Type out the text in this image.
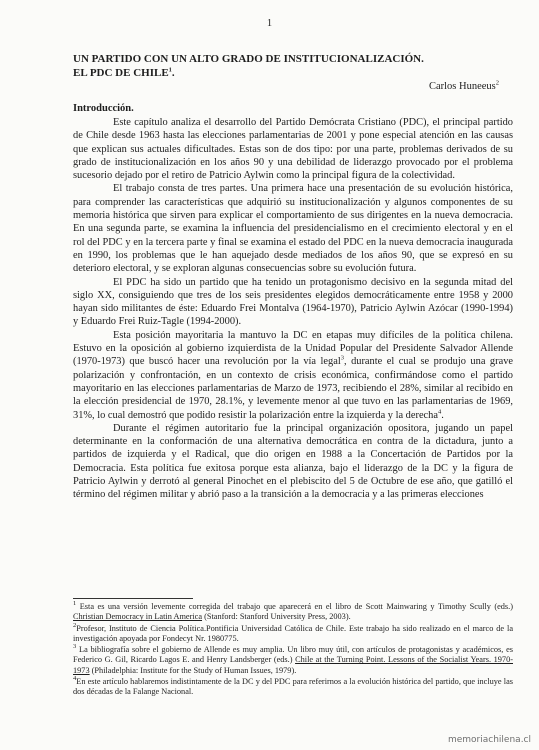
1
UN PARTIDO CON UN ALTO GRADO DE INSTITUCIONALIZACIÓN.
EL PDC DE CHILE$^1$.
Carlos Huneeus$^2$
Introducción.

Este capítulo analiza el desarrollo del Partido Demócrata Cristiano (PDC), el principal partido de Chile desde 1963 hasta las elecciones parlamentarias de 2001 y pone especial atención en las causas que explican sus actuales dificultades. Estas son de dos tipo: por una parte, problemas derivados de su grado de institucionalización en los años 90 y una debilidad de liderazgo provocado por el problema sucesorio dejado por el retiro de Patricio Aylwin como la principal figura de la colectividad.

El trabajo consta de tres partes. Una primera hace una presentación de su evolución histórica, para comprender las características que adquirió su institucionalización y algunos componentes de su memoria histórica que sirven para explicar el comportamiento de sus dirigentes en la nueva democracia. En una segunda parte, se examina la influencia del presidencialismo en el crecimiento electoral y en el rol del PDC y en la tercera parte y final se examina el estado del PDC en la nueva democracia inaugurada en 1990, los problemas que le han aquejado desde mediados de los años 90, que se expresó en su deterioro electoral, y se exploran algunas consecuencias sobre su evolución futura.

El PDC ha sido un partido que ha tenido un protagonismo decisivo en la segunda mitad del siglo XX, consiguiendo que tres de los seis presidentes elegidos democráticamente entre 1958 y 2000 hayan sido militantes de éste: Eduardo Frei Montalva (1964-1970), Patricio Aylwin Azócar (1990-1994) y Eduardo Frei Ruiz-Tagle (1994-2000).

Esta posición mayoritaria la mantuvo la DC en etapas muy difíciles de la política chilena. Estuvo en la oposición al gobierno izquierdista de la Unidad Popular del Presidente Salvador Allende (1970-1973) que buscó hacer una revolución por la vía legal$^3$, durante el cual se produjo una grave polarización y confrontación, en un contexto de crisis económica, confirmándose como el partido mayoritario en las elecciones parlamentarias de Marzo de 1973, recibiendo el 28%, similar al recibido en la elección presidencial de 1970, 28.1%, y levemente menor al que tuvo en las parlamentarias de 1969, 31%, lo cual demostró que podido resistir la polarización entre la izquierda y la derecha$^4$.

Durante el régimen autoritario fue la principal organización opositora, jugando un papel determinante en la conformación de una alternativa democrática en contra de la dictadura, junto a partidos de izquierda y el Radical, que dio origen en 1988 a la Concertación de Partidos por la Democracia. Esta política fue exitosa porque esta alianza, bajo el liderazgo de la DC y la figura de Patricio Aylwin y derrotó al general Pinochet en el plebiscito del 5 de Octubre de ese año, que gatilló el término del régimen militar y abrió paso a la transición a la democracia y a las primeras elecciones

$^1$ Esta es una versión levemente corregida del trabajo que aparecerá en el libro de Scott Mainwaring y Timothy Scully (eds.) Christian Democracy in Latin America (Stanford: Stanford University Press, 2003).

$^2$Profesor, Instituto de Ciencia Política.Pontificia Universidad Católica de Chile. Este trabajo ha sido realizado en el marco de la investigación apoyada por Fondecyt Nr. 1980775.

$^3$ La bibliografía sobre el gobierno de Allende es muy amplia. Un libro muy útil, con artículos de protagonistas y académicos, es Federico G. Gil, Ricardo Lagos E. and Henry Landsberger (eds.) Chile at the Turning Point. Lessons of the Socialist Years. 1970-1973 (Philadelphia: Institute for the Study of Human Issues, 1979).

$^4$En este artículo hablaremos indistintamente de la DC y del PDC para referirnos a la evolución histórica del partido, que incluye las dos décadas de la Falange Nacional.

memoriachilena.cl
